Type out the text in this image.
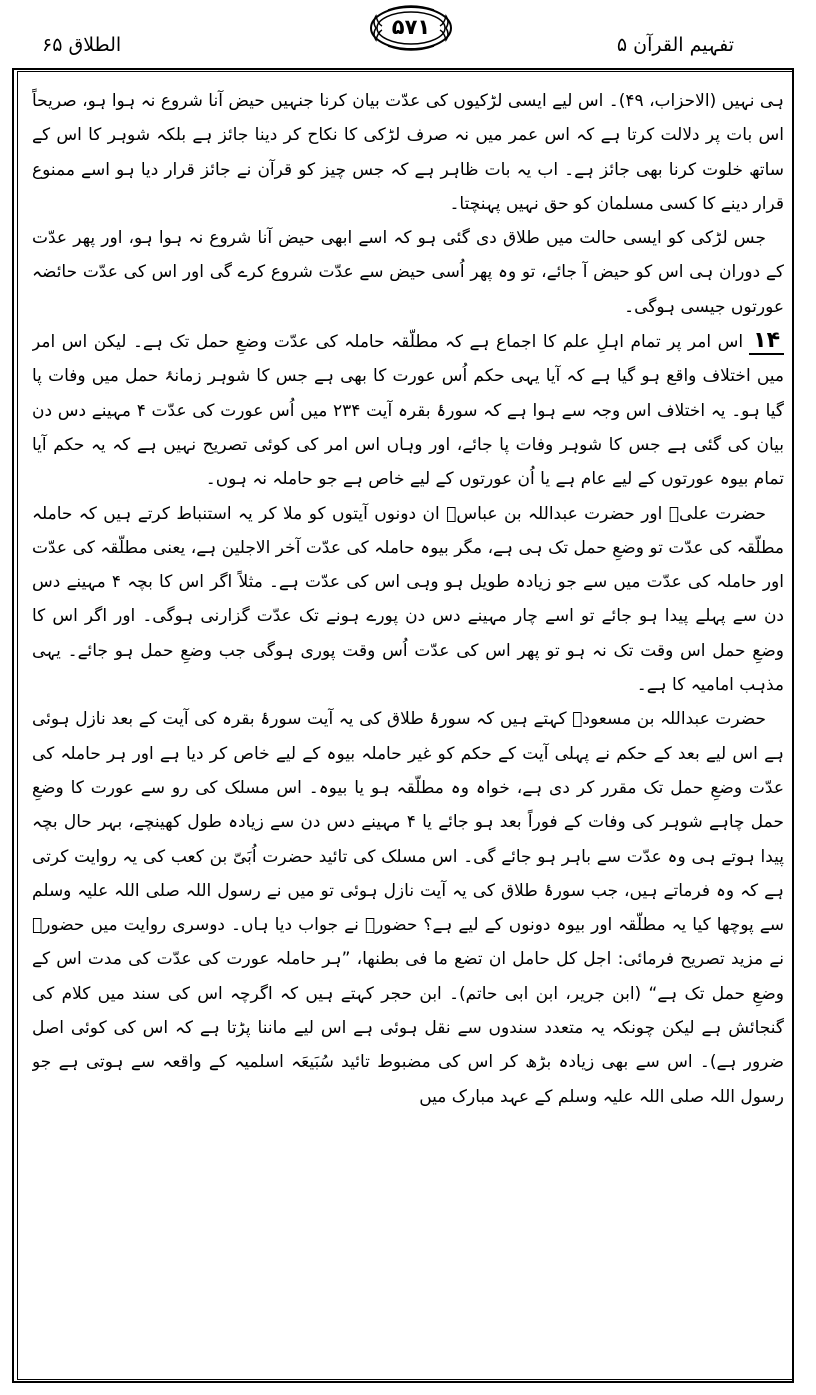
الطلاق ۶۵
۵۷۱
تفہیم القرآن ۵

ہی نہیں (الاحزاب، ۴۹)۔ اس لیے ایسی لڑکیوں کی عدّت بیان کرنا جنہیں حیض آنا شروع نہ ہوا ہو، صریحاً اس بات پر دلالت کرتا ہے کہ اس عمر میں نہ صرف لڑکی کا نکاح کر دینا جائز ہے بلکہ شوہر کا اس کے ساتھ خلوت کرنا بھی جائز ہے۔ اب یہ بات ظاہر ہے کہ جس چیز کو قرآن نے جائز قرار دیا ہو اسے ممنوع قرار دینے کا کسی مسلمان کو حق نہیں پہنچتا۔

جس لڑکی کو ایسی حالت میں طلاق دی گئی ہو کہ اسے ابھی حیض آنا شروع نہ ہوا ہو، اور پھر عدّت کے دوران ہی اس کو حیض آ جائے، تو وہ پھر اُسی حیض سے عدّت شروع کرے گی اور اس کی عدّت حائضہ عورتوں جیسی ہوگی۔

۱۴اس امر پر تمام اہلِ علم کا اجماع ہے کہ مطلّقہ حاملہ کی عدّت وضعِ حمل تک ہے۔ لیکن اس امر میں اختلاف واقع ہو گیا ہے کہ آیا یہی حکم اُس عورت کا بھی ہے جس کا شوہر زمانۂ حمل میں وفات پا گیا ہو۔ یہ اختلاف اس وجہ سے ہوا ہے کہ سورۂ بقرہ آیت ۲۳۴ میں اُس عورت کی عدّت ۴ مہینے دس دن بیان کی گئی ہے جس کا شوہر وفات پا جائے، اور وہاں اس امر کی کوئی تصریح نہیں ہے کہ یہ حکم آیا تمام بیوہ عورتوں کے لیے عام ہے یا اُن عورتوں کے لیے خاص ہے جو حاملہ نہ ہوں۔

حضرت علیؓ اور حضرت عبداللہ بن عباسؓ ان دونوں آیتوں کو ملا کر یہ استنباط کرتے ہیں کہ حاملہ مطلّقہ کی عدّت تو وضعِ حمل تک ہی ہے، مگر بیوہ حاملہ کی عدّت آخر الاجلین ہے، یعنی مطلّقہ کی عدّت اور حاملہ کی عدّت میں سے جو زیادہ طویل ہو وہی اس کی عدّت ہے۔ مثلاً اگر اس کا بچہ ۴ مہینے دس دن سے پہلے پیدا ہو جائے تو اسے چار مہینے دس دن پورے ہونے تک عدّت گزارنی ہوگی۔ اور اگر اس کا وضعِ حمل اس وقت تک نہ ہو تو پھر اس کی عدّت اُس وقت پوری ہوگی جب وضعِ حمل ہو جائے۔ یہی مذہب امامیہ کا ہے۔

حضرت عبداللہ بن مسعودؓ کہتے ہیں کہ سورۂ طلاق کی یہ آیت سورۂ بقرہ کی آیت کے بعد نازل ہوئی ہے اس لیے بعد کے حکم نے پہلی آیت کے حکم کو غیر حاملہ بیوہ کے لیے خاص کر دیا ہے اور ہر حاملہ کی عدّت وضعِ حمل تک مقرر کر دی ہے، خواہ وہ مطلّقہ ہو یا بیوہ۔ اس مسلک کی رو سے عورت کا وضعِ حمل چاہے شوہر کی وفات کے فوراً بعد ہو جائے یا ۴ مہینے دس دن سے زیادہ طول کھینچے، بہر حال بچہ پیدا ہوتے ہی وہ عدّت سے باہر ہو جائے گی۔ اس مسلک کی تائید حضرت اُبَیّ بن کعب کی یہ روایت کرتی ہے کہ وہ فرماتے ہیں، جب سورۂ طلاق کی یہ آیت نازل ہوئی تو میں نے رسول اللہ صلی اللہ علیہ وسلم سے پوچھا کیا یہ مطلّقہ اور بیوہ دونوں کے لیے ہے؟ حضورؐ نے جواب دیا ہاں۔ دوسری روایت میں حضورؐ نے مزید تصریح فرمائی: اجل کل حامل ان تضع ما فی بطنھا، ”ہر حاملہ عورت کی عدّت کی مدت اس کے وضعِ حمل تک ہے“ (ابن جریر، ابن ابی حاتم)۔ ابن حجر کہتے ہیں کہ اگرچہ اس کی سند میں کلام کی گنجائش ہے لیکن چونکہ یہ متعدد سندوں سے نقل ہوئی ہے اس لیے ماننا پڑتا ہے کہ اس کی کوئی اصل ضرور ہے)۔ اس سے بھی زیادہ بڑھ کر اس کی مضبوط تائید سُبَیعَہ اسلمیہ کے واقعہ سے ہوتی ہے جو رسول اللہ صلی اللہ علیہ وسلم کے عہد مبارک میں
